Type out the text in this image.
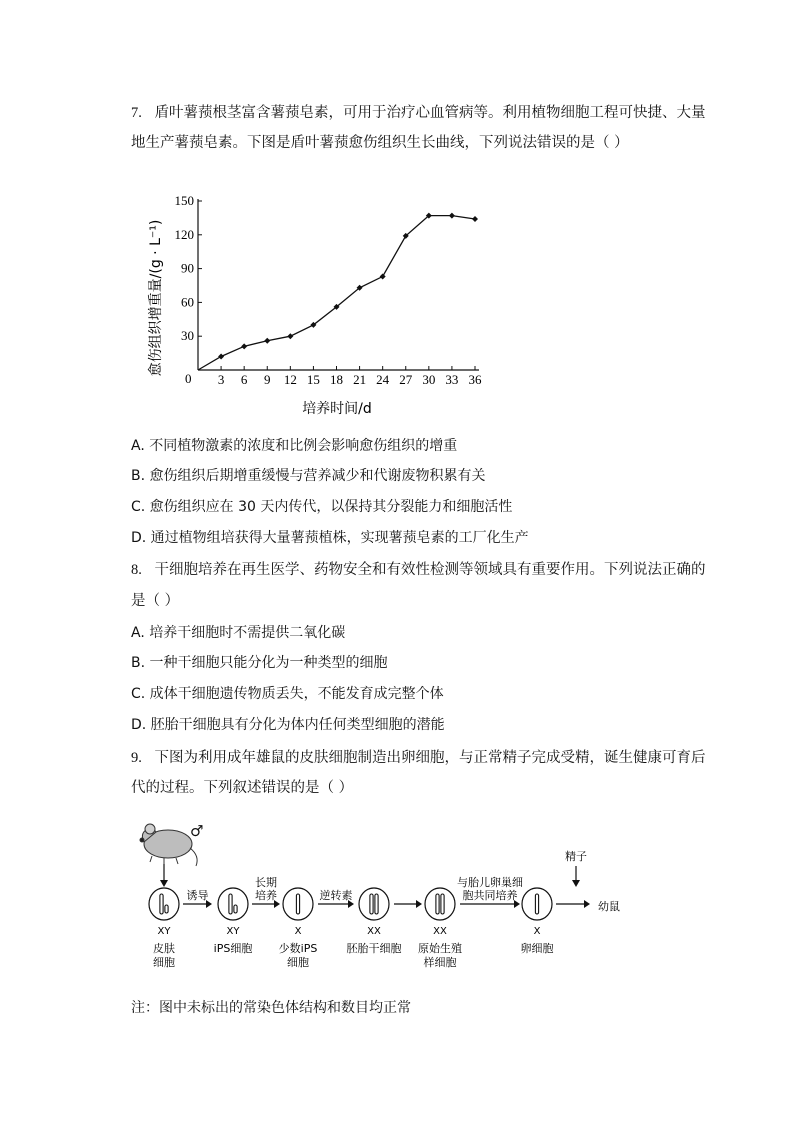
7. 盾叶薯蓣根茎富含薯蓣皂素，可用于治疗心血管病等。利用植物细胞工程可快捷、大量
地生产薯蓣皂素。下图是盾叶薯蓣愈伤组织生长曲线，下列说法错误的是（ ）
3 6 9 12 15 18 21 24 27 30 33 36
30
60
90
120
150
愈伤组织增重量/(g · L⁻¹)
培养时间/d
0
A. 不同植物激素的浓度和比例会影响愈伤组织的增重
B. 愈伤组织后期增重缓慢与营养减少和代谢废物积累有关
C. 愈伤组织应在 30 天内传代，以保持其分裂能力和细胞活性
D. 通过植物组培获得大量薯蓣植株，实现薯蓣皂素的工厂化生产
8. 干细胞培养在再生医学、药物安全和有效性检测等领域具有重要作用。下列说法正确的
是（ ）
A. 培养干细胞时不需提供二氧化碳
B. 一种干细胞只能分化为一种类型的细胞
C. 成体干细胞遗传物质丢失，不能发育成完整个体
D. 胚胎干细胞具有分化为体内任何类型细胞的潜能
9. 下图为利用成年雄鼠的皮肤细胞制造出卵细胞，与正常精子完成受精，诞生健康可育后
代的过程。下列叙述错误的是（ ）
♂
XY
皮肤
细胞
XY
iPS细胞
X
少数iPS
细胞
XX
胚胎干细胞
XX
原始生殖
样细胞
X
卵细胞
诱导
长期
培养	逆转素
与胎儿卵巢细
胞共同培养
精子
幼鼠
注：图中未标出的常染色体结构和数目均正常
